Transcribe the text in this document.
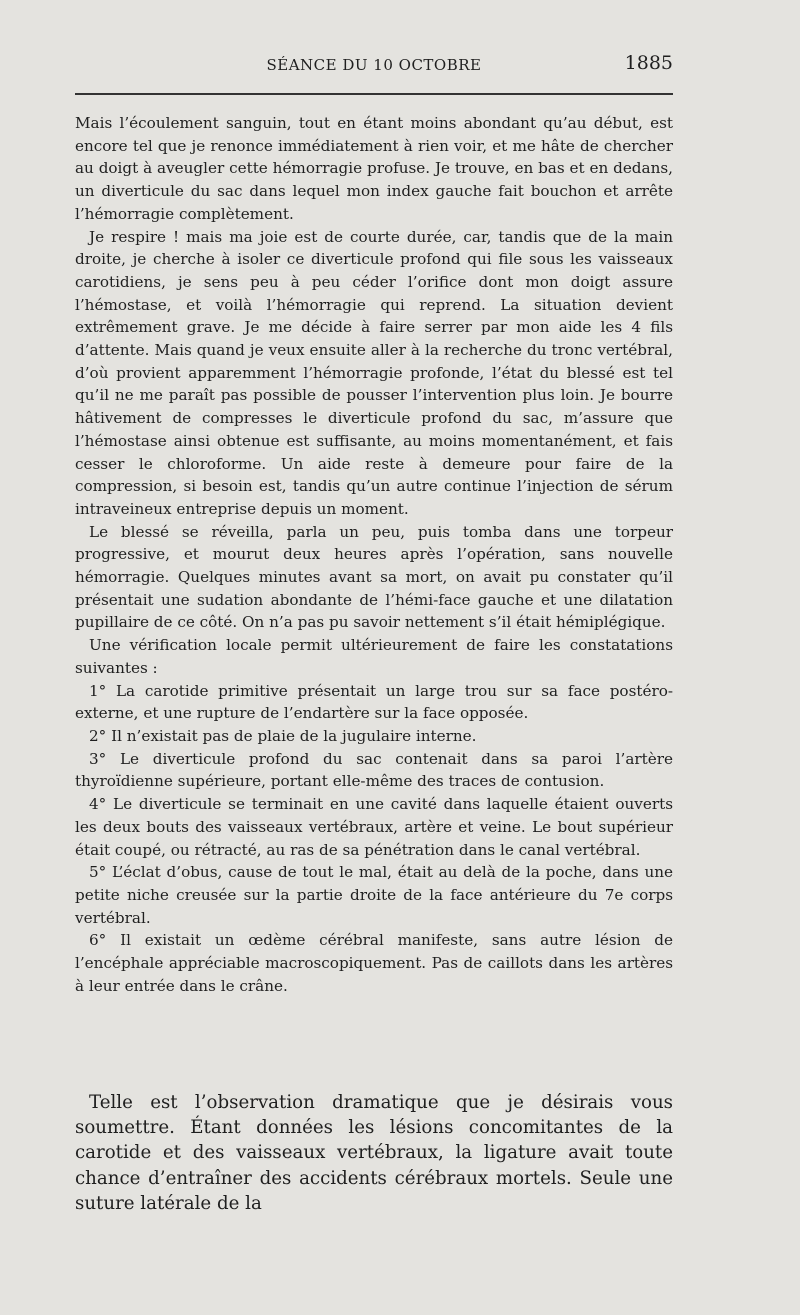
SÉANCE DU 10 OCTOBRE	1885

Mais l’écoulement sanguin, tout en étant moins abondant qu’au début, est encore tel que je renonce immédiatement à rien voir, et me hâte de chercher au doigt à aveugler cette hémorragie profuse. Je trouve, en bas et en dedans, un diverticule du sac dans lequel mon index gauche fait bouchon et arrête l’hémorragie complètement.

Je respire ! mais ma joie est de courte durée, car, tandis que de la main droite, je cherche à isoler ce diverticule profond qui file sous les vaisseaux carotidiens, je sens peu à peu céder l’orifice dont mon doigt assure l’hémostase, et voilà l’hémorragie qui reprend. La situation devient extrêmement grave. Je me décide à faire serrer par mon aide les 4 fils d’attente. Mais quand je veux ensuite aller à la recherche du tronc vertébral, d’où provient apparemment l’hémorragie profonde, l’état du blessé est tel qu’il ne me paraît pas possible de pousser l’intervention plus loin. Je bourre hâtivement de compresses le diverticule profond du sac, m’assure que l’hémostase ainsi obtenue est suffisante, au moins momentanément, et fais cesser le chloroforme. Un aide reste à demeure pour faire de la compression, si besoin est, tandis qu’un autre continue l’injection de sérum intraveineux entreprise depuis un moment.

Le blessé se réveilla, parla un peu, puis tomba dans une torpeur progressive, et mourut deux heures après l’opération, sans nouvelle hémorragie. Quelques minutes avant sa mort, on avait pu constater qu’il présentait une sudation abondante de l’hémi-face gauche et une dilatation pupillaire de ce côté. On n’a pas pu savoir nettement s’il était hémiplégique.

Une vérification locale permit ultérieurement de faire les constatations suivantes :

1° La carotide primitive présentait un large trou sur sa face postéro-externe, et une rupture de l’endartère sur la face opposée.

2° Il n’existait pas de plaie de la jugulaire interne.

3° Le diverticule profond du sac contenait dans sa paroi l’artère thyroïdienne supérieure, portant elle-même des traces de contusion.

4° Le diverticule se terminait en une cavité dans laquelle étaient ouverts les deux bouts des vaisseaux vertébraux, artère et veine. Le bout supérieur était coupé, ou rétracté, au ras de sa pénétration dans le canal vertébral.

5° L’éclat d’obus, cause de tout le mal, était au delà de la poche, dans une petite niche creusée sur la partie droite de la face antérieure du 7e corps vertébral.

6° Il existait un œdème cérébral manifeste, sans autre lésion de l’encéphale appréciable macroscopiquement. Pas de caillots dans les artères à leur entrée dans le crâne.

Telle est l’observation dramatique que je désirais vous soumettre. Étant données les lésions concomitantes de la carotide et des vaisseaux vertébraux, la ligature avait toute chance d’entraîner des accidents cérébraux mortels. Seule une suture latérale de la
